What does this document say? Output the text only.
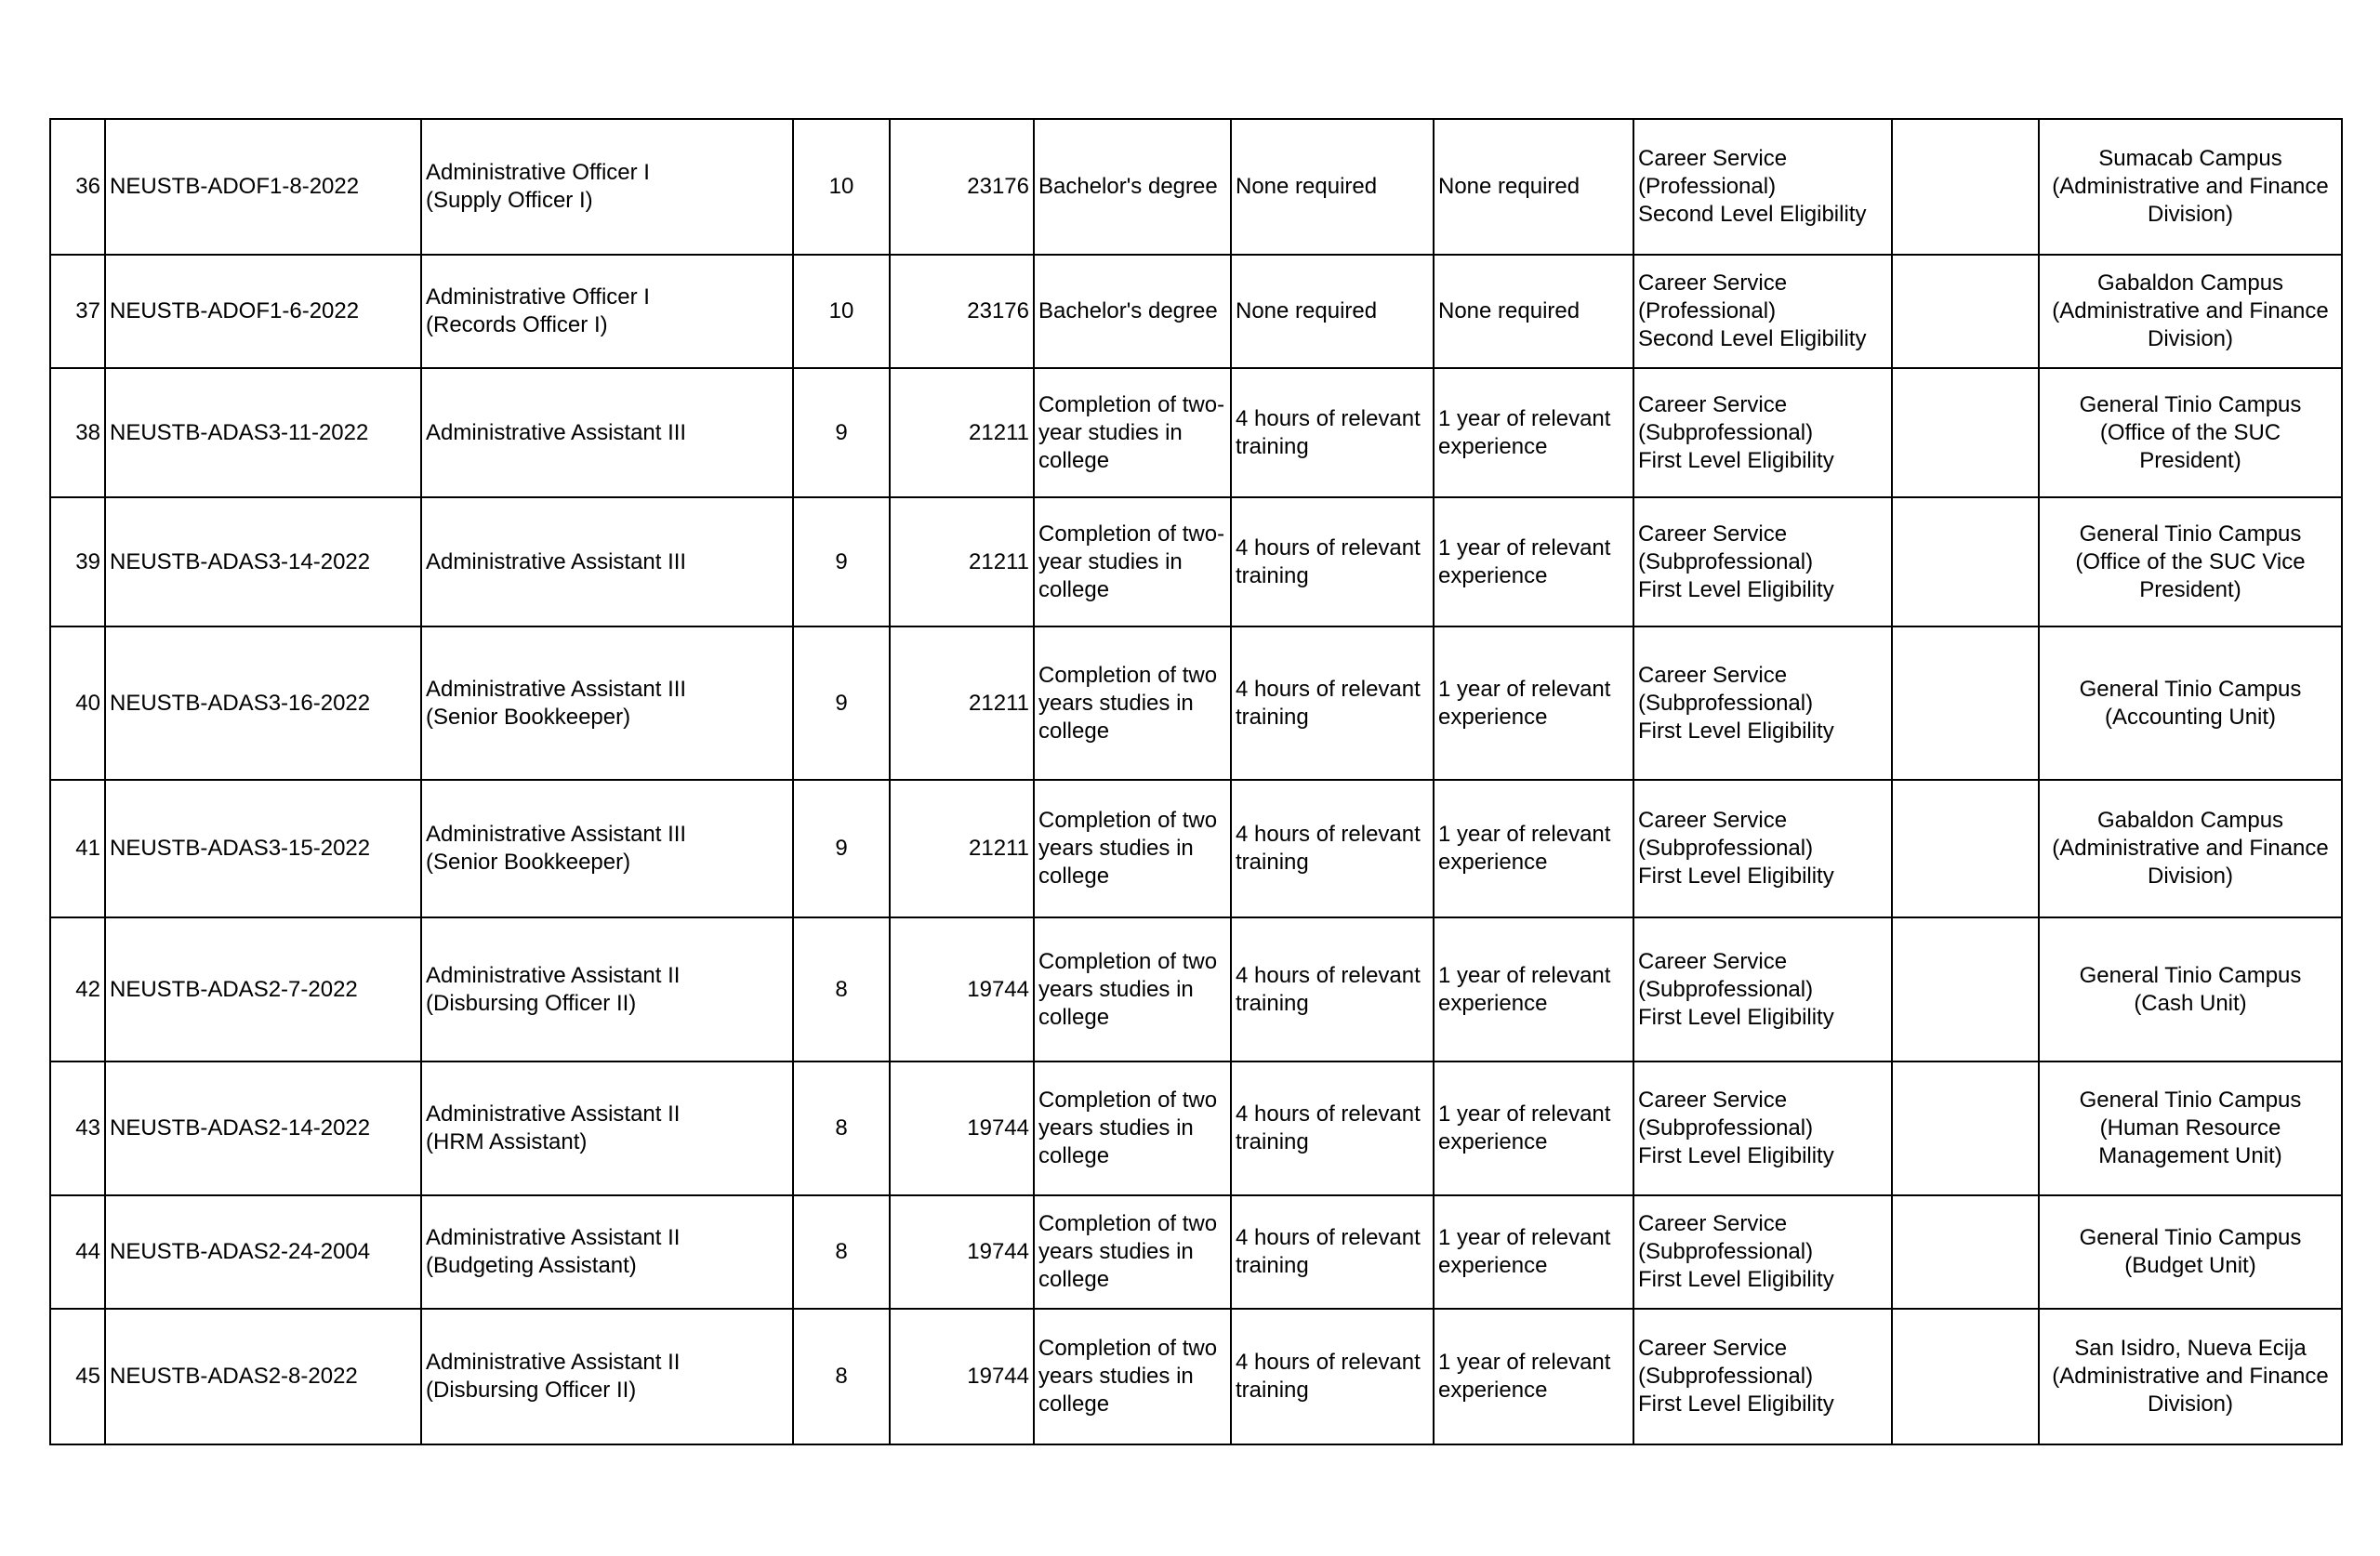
36	NEUSTB-ADOF1-8-2022	Administrative Officer I
(Supply Officer I)	10	23176	Bachelor's degree	None required	None required	Career Service
(Professional)
Second Level Eligibility		Sumacab Campus
(Administrative and Finance
Division)

37	NEUSTB-ADOF1-6-2022	Administrative Officer I
(Records Officer I)	10	23176	Bachelor's degree	None required	None required	Career Service
(Professional)
Second Level Eligibility		Gabaldon Campus
(Administrative and Finance
Division)

38	NEUSTB-ADAS3-11-2022	Administrative Assistant III	9	21211	Completion of two-
year studies in
college	4 hours of relevant
training	1 year of relevant
experience	Career Service
(Subprofessional)
First Level Eligibility		General Tinio Campus
(Office of the SUC
President)

39	NEUSTB-ADAS3-14-2022	Administrative Assistant III	9	21211	Completion of two-
year studies in
college	4 hours of relevant
training	1 year of relevant
experience	Career Service
(Subprofessional)
First Level Eligibility		General Tinio Campus
(Office of the SUC Vice
President)

40	NEUSTB-ADAS3-16-2022	Administrative Assistant III
(Senior Bookkeeper)	9	21211	Completion of two
years studies in
college	4 hours of relevant
training	1 year of relevant
experience	Career Service
(Subprofessional)
First Level Eligibility		General Tinio Campus
(Accounting Unit)

41	NEUSTB-ADAS3-15-2022	Administrative Assistant III
(Senior Bookkeeper)	9	21211	Completion of two
years studies in
college	4 hours of relevant
training	1 year of relevant
experience	Career Service
(Subprofessional)
First Level Eligibility		Gabaldon Campus
(Administrative and Finance
Division)

42	NEUSTB-ADAS2-7-2022	Administrative Assistant II
(Disbursing Officer II)	8	19744	Completion of two
years studies in
college	4 hours of relevant
training	1 year of relevant
experience	Career Service
(Subprofessional)
First Level Eligibility		General Tinio Campus
(Cash Unit)

43	NEUSTB-ADAS2-14-2022	Administrative Assistant II
(HRM Assistant)	8	19744	Completion of two
years studies in
college	4 hours of relevant
training	1 year of relevant
experience	Career Service
(Subprofessional)
First Level Eligibility		General Tinio Campus
(Human Resource
Management Unit)

44	NEUSTB-ADAS2-24-2004	Administrative Assistant II
(Budgeting Assistant)	8	19744	Completion of two
years studies in
college	4 hours of relevant
training	1 year of relevant
experience	Career Service
(Subprofessional)
First Level Eligibility		General Tinio Campus
(Budget Unit)

45	NEUSTB-ADAS2-8-2022	Administrative Assistant II
(Disbursing Officer II)	8	19744	Completion of two
years studies in
college	4 hours of relevant
training	1 year of relevant
experience	Career Service
(Subprofessional)
First Level Eligibility		San Isidro, Nueva Ecija
(Administrative and Finance
Division)
